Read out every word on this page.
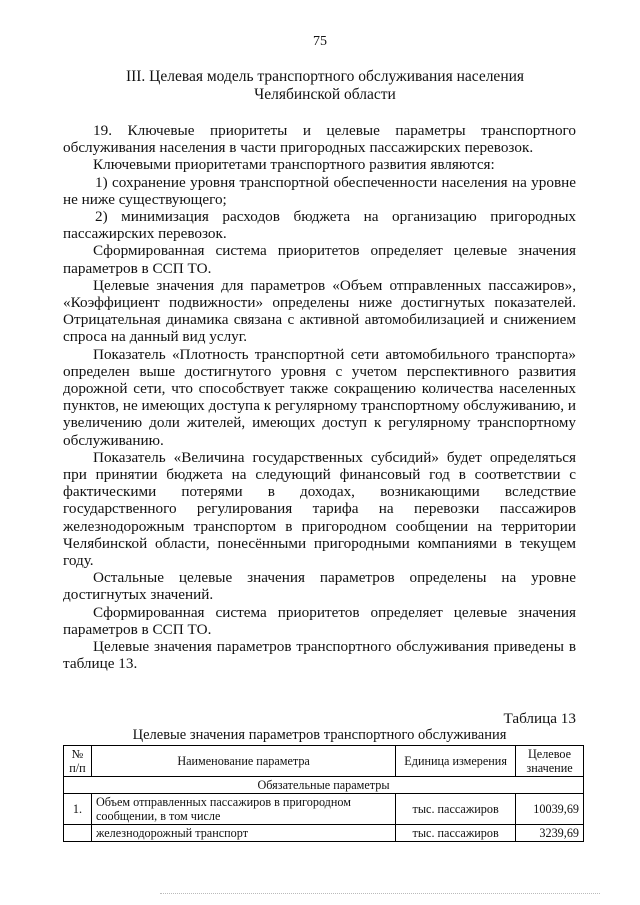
75
III. Целевая модель транспортного обслуживания населения
Челябинской области

19. Ключевые приоритеты и целевые параметры транспортного обслуживания населения в части пригородных пассажирских перевозок.

Ключевыми приоритетами транспортного развития являются:

1) сохранение уровня транспортной обеспеченности населения на уровне не ниже существующего;

2) минимизация расходов бюджета на организацию пригородных пассажирских перевозок.

Сформированная система приоритетов определяет целевые значения параметров в ССП ТО.

Целевые значения для параметров «Объем отправленных пассажиров», «Коэффициент подвижности» определены ниже достигнутых показателей. Отрицательная динамика связана с активной автомобилизацией и снижением спроса на данный вид услуг.

Показатель «Плотность транспортной сети автомобильного транспорта» определен выше достигнутого уровня с учетом перспективного развития дорожной сети, что способствует также сокращению количества населенных пунктов, не имеющих доступа к регулярному транспортному обслуживанию, и увеличению доли жителей, имеющих доступ к регулярному транспортному обслуживанию.

Показатель «Величина государственных субсидий» будет определяться при принятии бюджета на следующий финансовый год в соответствии с фактическими потерями в доходах, возникающими вследствие государственного регулирования тарифа на перевозки пассажиров железнодорожным транспортом в пригородном сообщении на территории Челябинской области, понесёнными пригородными компаниями в текущем году.

Остальные целевые значения параметров определены на уровне достигнутых значений.

Сформированная система приоритетов определяет целевые значения параметров в ССП ТО.

Целевые значения параметров транспортного обслуживания приведены в таблице 13.

Таблица 13
Целевые значения параметров транспортного обслуживания
№ п/п	Наименование параметра	Единица измерения	Целевое значение
Обязательные параметры			
1.	Объем отправленных пассажиров в пригородном сообщении, в том числе	тыс. пассажиров	10039,69
	железнодорожный транспорт	тыс. пассажиров	3239,69
